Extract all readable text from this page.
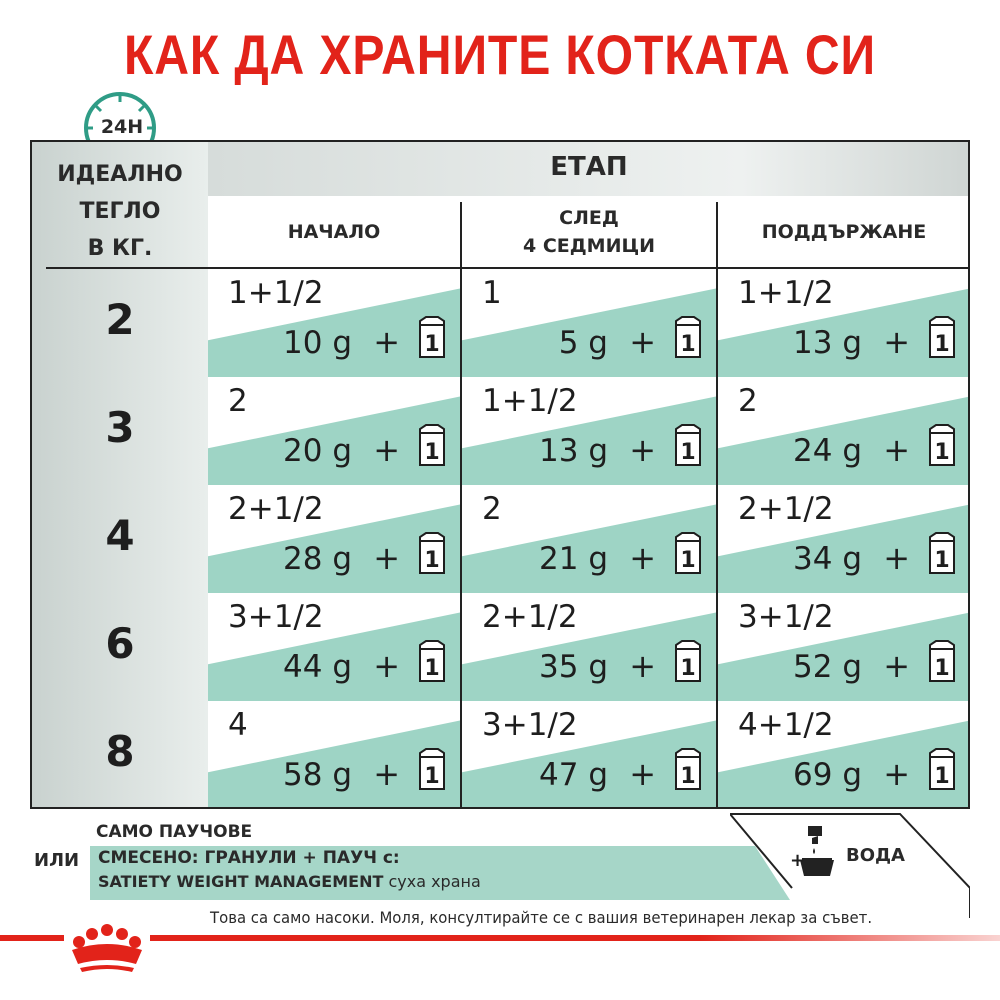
КАК ДА ХРАНИТЕ КОТКАТА СИ
24H
ИДЕАЛНО
ТЕГЛО
В КГ.
ЕТАП
НАЧАЛО
СЛЕД
4 СЕДМИЦИ
ПОДДЪРЖАНЕ
2
1+1/2
10 g + 1
1
5 g + 1
1+1/2
13 g + 1
3
2
20 g + 1
1+1/2
13 g + 1
2
24 g + 1
4
2+1/2
28 g + 1
2
21 g + 1
2+1/2
34 g + 1
6
3+1/2
44 g + 1
2+1/2
35 g + 1
3+1/2
52 g + 1
8
4
58 g + 1
3+1/2
47 g + 1
4+1/2
69 g + 1
САМО ПАУЧОВЕ
ИЛИ СМЕСЕНО: ГРАНУЛИ + ПАУЧ с:
SATIETY WEIGHT MANAGEMENT суха храна
+ ВОДА
Това са само насоки. Моля, консултирайте се с вашия ветеринарен лекар за съвет.
